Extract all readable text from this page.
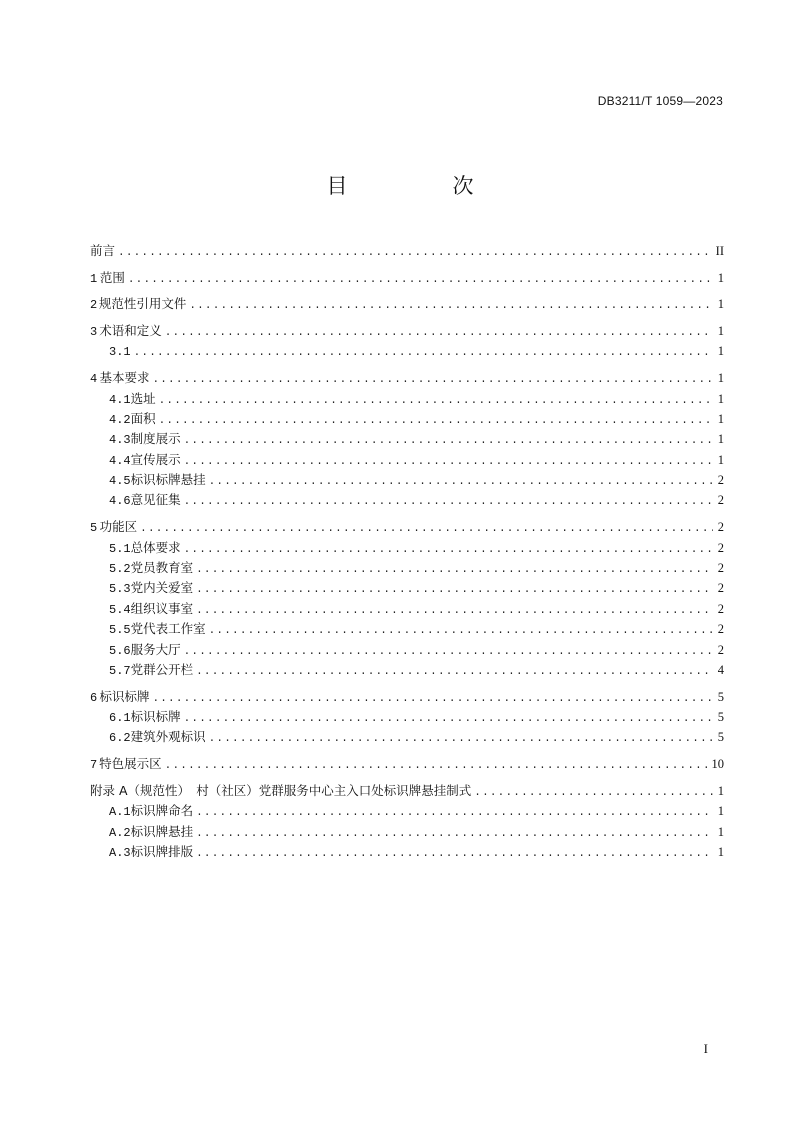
DB3211/T 1059—2023
目　次
前言 .....	II
1 范围 .....	1
2 规范性引用文件 .....	1
3 术语和定义 .....	1
3.1 .....	1
4 基本要求 .....	1
4.1 选址 .....	1
4.2 面积 .....	1
4.3 制度展示 .....	1
4.4 宣传展示 .....	1
4.5 标识标牌悬挂 .....	2
4.6 意见征集 .....	2
5 功能区 .....	2
5.1 总体要求 .....	2
5.2 党员教育室 .....	2
5.3 党内关爱室 .....	2
5.4 组织议事室 .....	2
5.5 党代表工作室 .....	2
5.6 服务大厅 .....	2
5.7 党群公开栏 .....	4
6 标识标牌 .....	5
6.1 标识标牌 .....	5
6.2 建筑外观标识 .....	5
7 特色展示区 .....	10
附录 A（规范性）　村（社区）党群服务中心主入口处标识牌悬挂制式 .....	1
A.1 标识牌命名 .....	1
A.2 标识牌悬挂 .....	1
A.3 标识牌排版 .....	1
I
